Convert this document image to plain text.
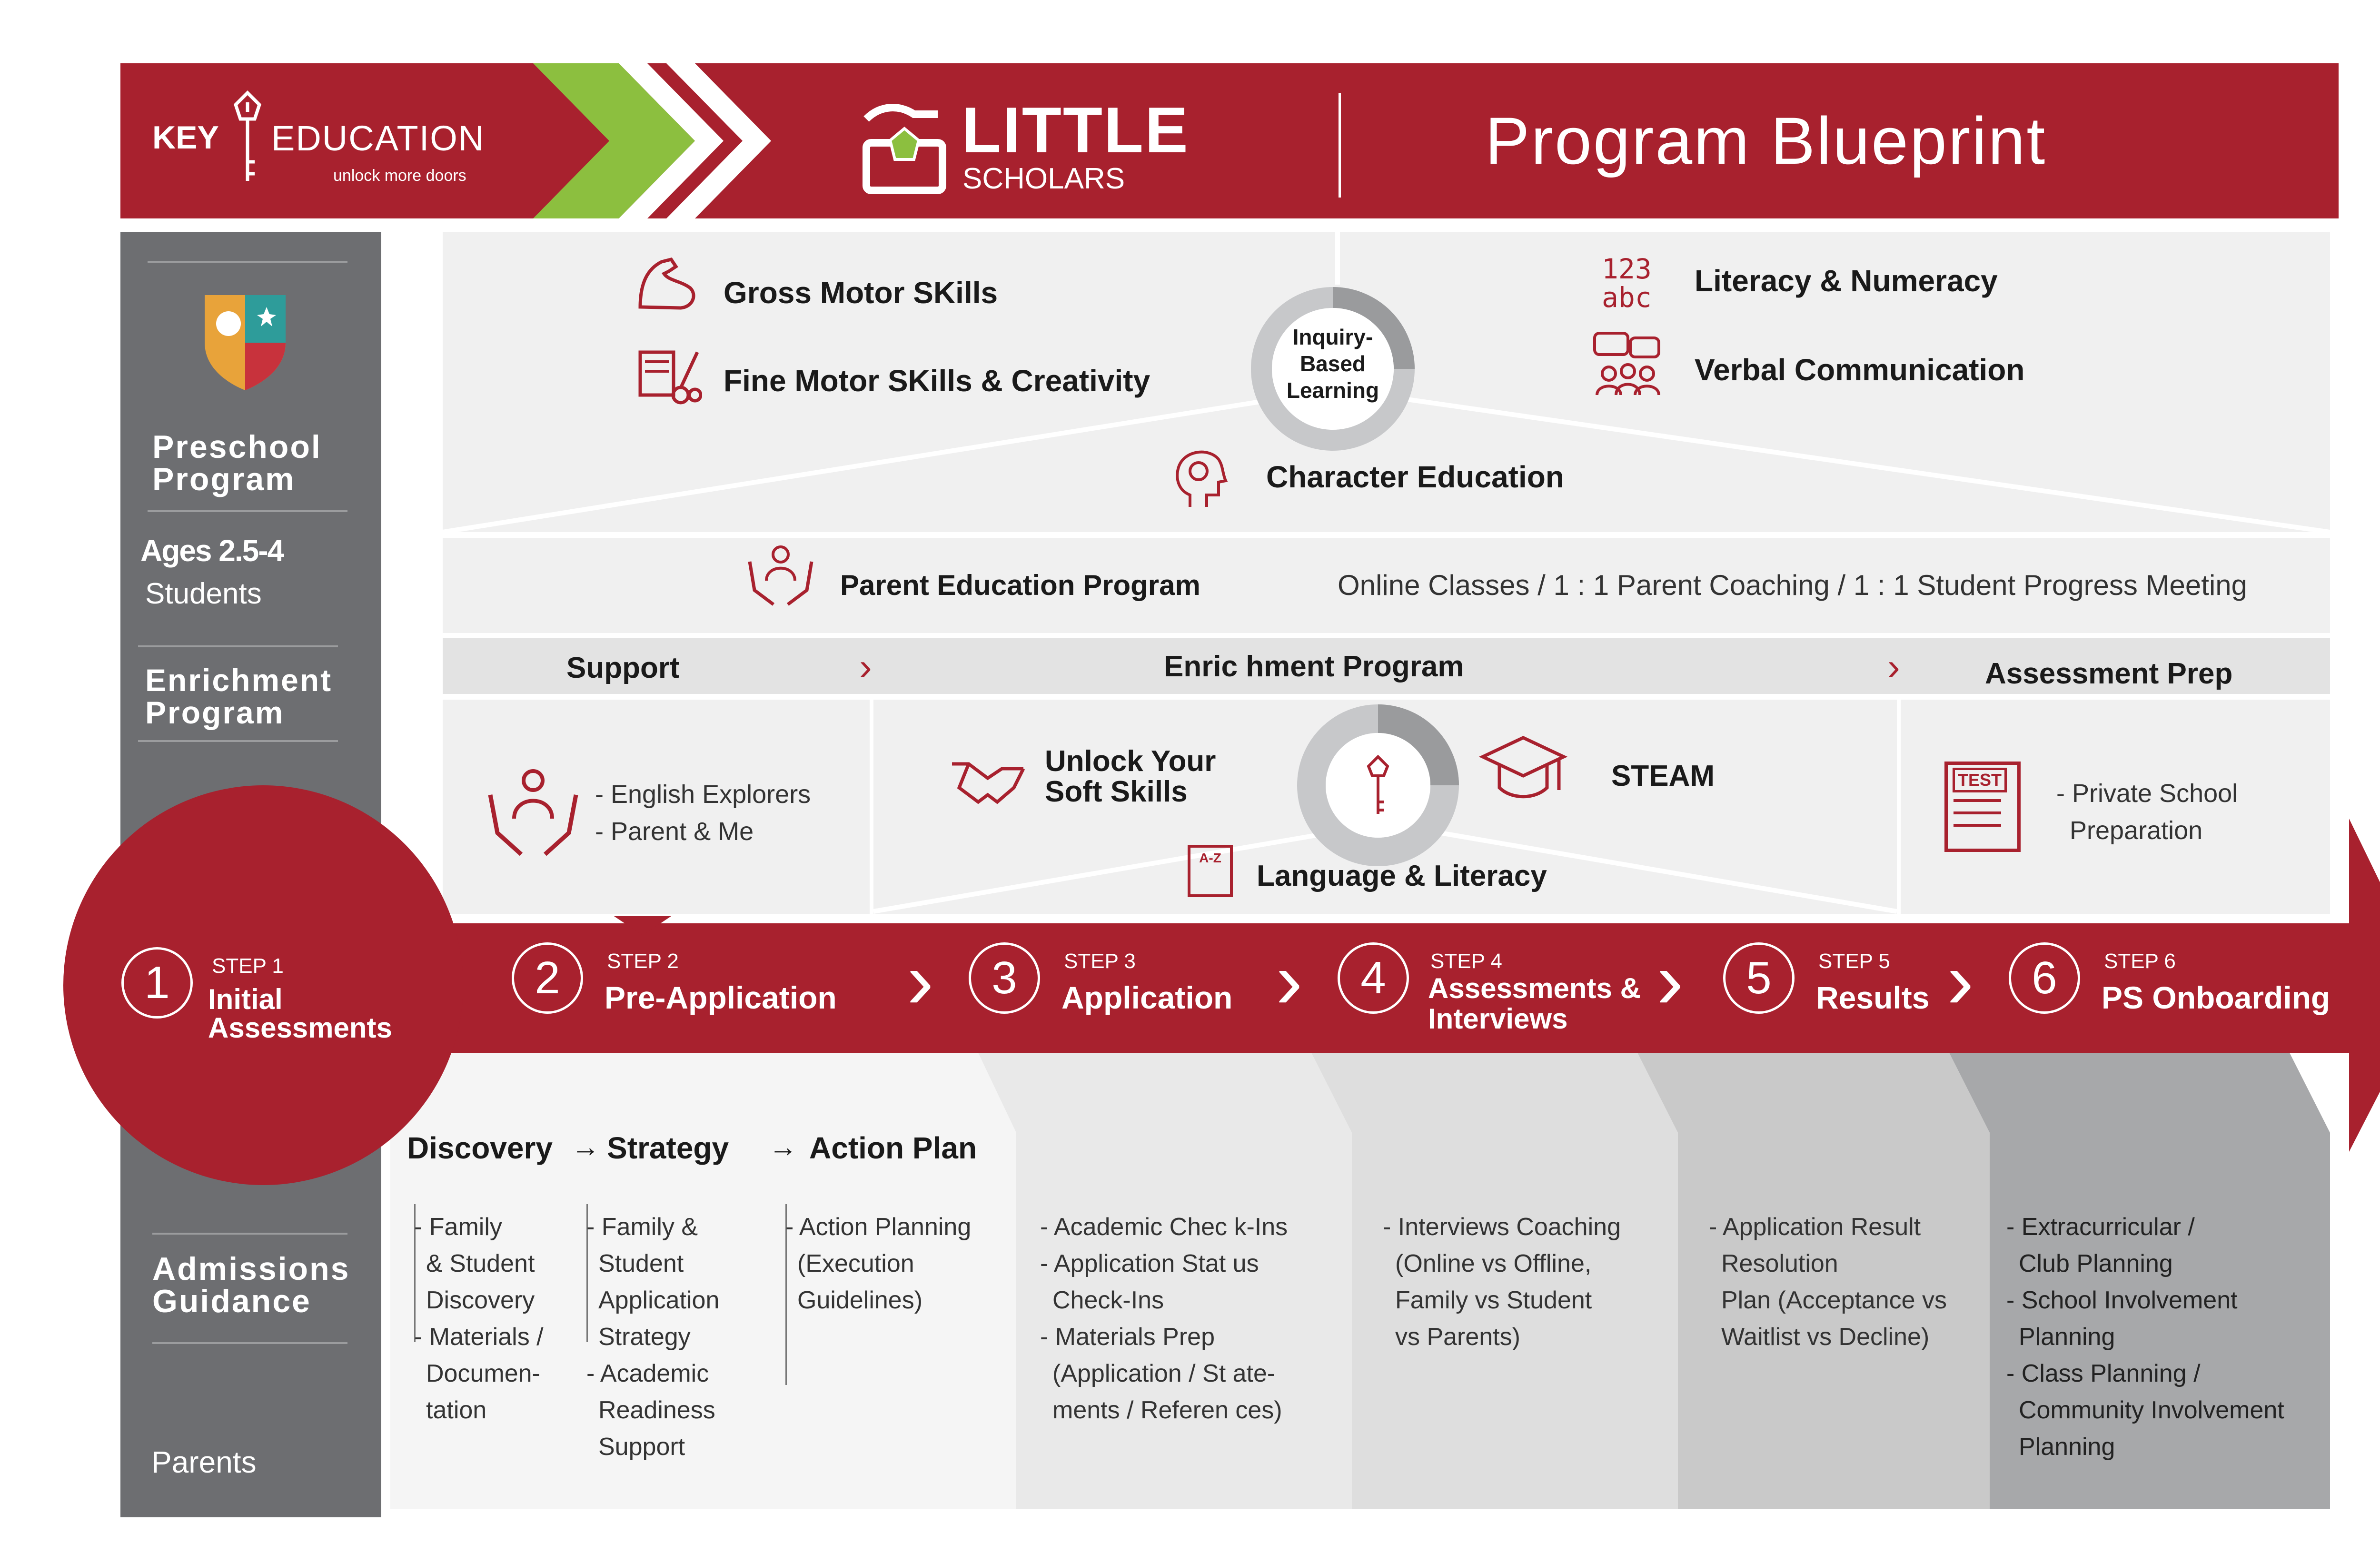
KEY EDUCATION
unlock more doors
LITTLE
SCHOLARS
Program Blueprint
Preschool Program
Ages 2.5-4
Students
Enrichment Program
Admissions Guidance
Parents
Inquiry-Based Learning
Gross Motor SKills
Fine Motor SKills & Creativity
123
abc	Literacy & Numeracy
Verbal Communication
Character Education
Parent Education Program	Online Classes / 1 : 1 Parent Coaching / 1 : 1 Student Progress Meeting
Support	›	Enric hment Program	›	Assessment Prep
- English Explorers
- Parent & Me
Unlock Your Soft Skills	STEAM
A-Z
Language & Literacy
TEST	- Private School
Preparation
1	STEP 1
Initial Assessments
2	STEP 2
Pre-Application ›	3	STEP 3
Application ›	4	STEP 4
Assessments & Interviews	›	5	STEP 5
Results ›	6	STEP 6
PS Onboarding
Discovery → Strategy → Action Plan
- Family
& Student
Discovery
- Materials /
Documen-
tation
- Family &
Student
Application
Strategy
- Academic
Readiness
Support
- Action Planning
(Execution
Guidelines)
- Academic Chec k-Ins
- Application Stat us
Check-Ins
- Materials Prep
(Application / St ate-
ments / Referen ces)
- Interviews Coaching
(Online vs Offline,
Family vs Student
vs Parents)
- Application Result
Resolution
Plan (Acceptance vs
Waitlist vs Decline)
- Extracurricular /
Club Planning
- School Involvement
Planning
- Class Planning /
Community Involvement
Planning
